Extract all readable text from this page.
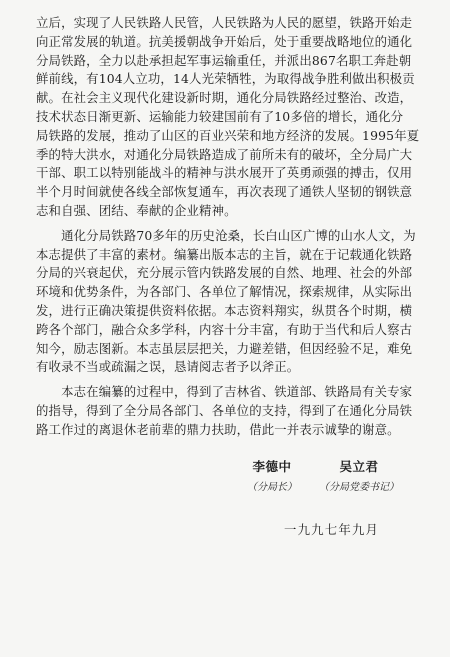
立后，实现了人民铁路人民管，人民铁路为人民的愿望，铁路开始走
向正常发展的轨道。抗美援朝战争开始后，处于重要战略地位的通化
分局铁路，全力以赴承担起军事运输重任，并派出867名职工奔赴朝
鲜前线，有104人立功，14人光荣牺牲，为取得战争胜利做出积极贡
献。在社会主义现代化建设新时期，通化分局铁路经过整治、改造，
技术状态日渐更新、运输能力较建国前有了10多倍的增长，通化分
局铁路的发展，推动了山区的百业兴荣和地方经济的发展。1995年夏
季的特大洪水，对通化分局铁路造成了前所未有的破坏，全分局广大
干部、职工以特别能战斗的精神与洪水展开了英勇顽强的搏击，仅用
半个月时间就使各线全部恢复通车，再次表现了通铁人坚韧的钢铁意
志和自强、团结、奉献的企业精神。
　　通化分局铁路70多年的历史沧桑，长白山区广博的山水人文，为
本志提供了丰富的素材。编纂出版本志的主旨，就在于记载通化铁路
分局的兴衰起伏，充分展示管内铁路发展的自然、地理、社会的外部
环境和优势条件，为各部门、各单位了解情况，探索规律，从实际出
发，进行正确决策提供资料依据。本志资料翔实，纵贯各个时期，横
跨各个部门，融合众多学科，内容十分丰富，有助于当代和后人察古
知今，励志图新。本志虽层层把关，力避差错，但因经验不足，难免
有收录不当或疏漏之误，恳请阅志者予以斧正。
　　本志在编纂的过程中，得到了吉林省、铁道部、铁路局有关专家
的指导，得到了全分局各部门、各单位的支持，得到了在通化分局铁
路工作过的离退休老前辈的鼎力扶助，借此一并表示诚挚的谢意。
李德中
（分局长）
吴立君
（分局党委书记）
一九九七年九月
